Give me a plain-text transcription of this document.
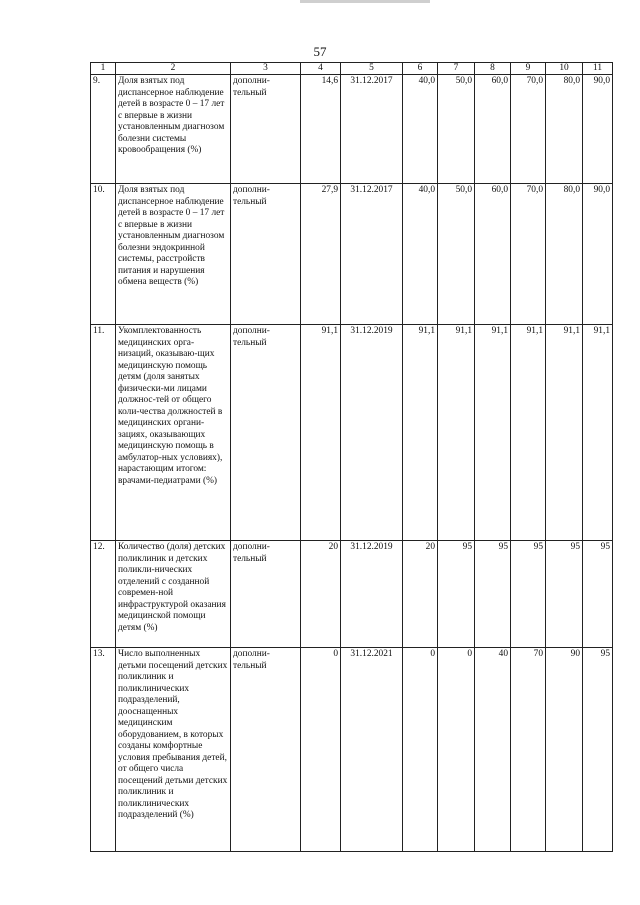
57
1	2	3	4	5	6	7	8	9	10	11
9.	Доля взятых под диспансерное наблюдение детей в возрасте 0 – 17 лет с впервые в жизни установленным диагнозом болезни системы кровообращения (%)	дополни-тельный	14,6	31.12.2017	40,0	50,0	60,0	70,0	80,0	90,0
10.	Доля взятых под диспансерное наблюдение детей в возрасте 0 – 17 лет с впервые в жизни установленным диагнозом болезни эндокринной системы, расстройств питания и нарушения обмена веществ (%)	дополни-тельный	27,9	31.12.2017	40,0	50,0	60,0	70,0	80,0	90,0
11.	Укомплектованность медицинских орга-низаций, оказываю-щих медицинскую помощь детям (доля занятых физически-ми лицами должнос-тей от общего коли-чества должностей в медицинских органи-зациях, оказывающих медицинскую помощь в амбулатор-ных условиях), нарастающим итогом: врачами-педиатрами (%)	дополни-тельный	91,1	31.12.2019	91,1	91,1	91,1	91,1	91,1	91,1
12.	Количество (доля) детских поликлиник и детских поликли-нических отделений с созданной современ-ной инфраструктурой оказания медицинской помощи детям (%)	дополни-тельный	20	31.12.2019	20	95	95	95	95	95
13.	Число выполненных детьми посещений детских поликлиник и поликлинических подразделений, дооснащенных медицинским оборудованием, в которых созданы комфортные условия пребывания детей, от общего числа посещений детьми детских поликлиник и поликлинических подразделений (%)	дополни-тельный	0	31.12.2021	0	0	40	70	90	95
